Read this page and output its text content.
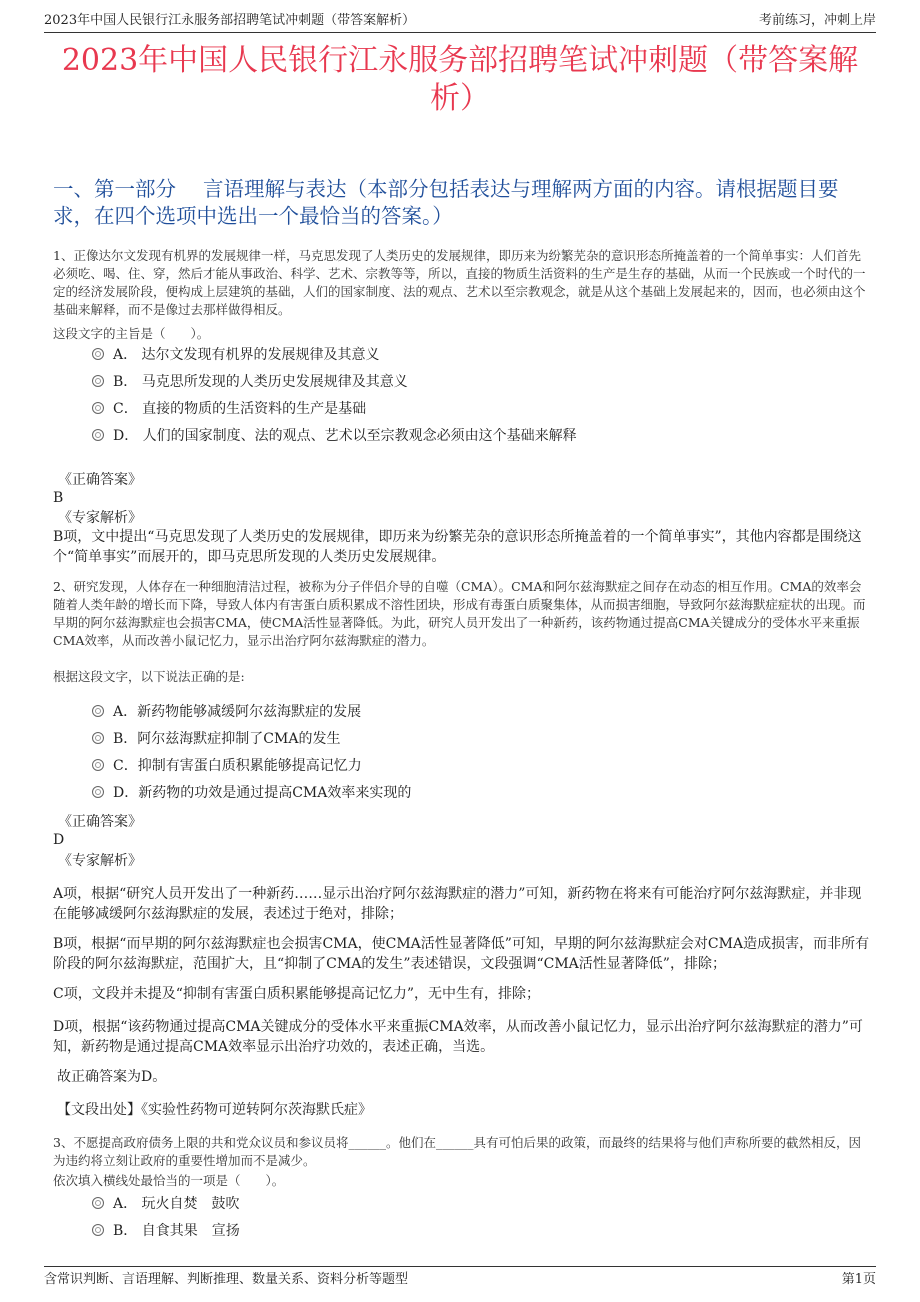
2023年中国人民银行江永服务部招聘笔试冲刺题（带答案解析）	考前练习，冲刺上岸
2023年中国人民银行江永服务部招聘笔试冲刺题（带答案解析）
一、第一部分　 言语理解与表达（本部分包括表达与理解两方面的内容。请根据题目要求，在四个选项中选出一个最恰当的答案。）
1、正像达尔文发现有机界的发展规律一样，马克思发现了人类历史的发展规律，即历来为纷繁芜杂的意识形态所掩盖着的一个简单事实：人们首先必须吃、喝、住、穿，然后才能从事政治、科学、艺术、宗教等等，所以，直接的物质生活资料的生产是生存的基础，从而一个民族或一个时代的一定的经济发展阶段，便构成上层建筑的基础，人们的国家制度、法的观点、艺术以至宗教观念，就是从这个基础上发展起来的，因而，也必须由这个基础来解释，而不是像过去那样做得相反。
这段文字的主旨是（　　）。
A． 达尔文发现有机界的发展规律及其意义
B． 马克思所发现的人类历史发展规律及其意义
C． 直接的物质的生活资料的生产是基础
D． 人们的国家制度、法的观点、艺术以至宗教观念必须由这个基础来解释
《正确答案》
B
《专家解析》
B项，文中提出“马克思发现了人类历史的发展规律，即历来为纷繁芜杂的意识形态所掩盖着的一个简单事实”，其他内容都是围绕这个“简单事实”而展开的，即马克思所发现的人类历史发展规律。
2、研究发现，人体存在一种细胞清洁过程，被称为分子伴侣介导的自噬（CMA）。CMA和阿尔兹海默症之间存在动态的相互作用。CMA的效率会随着人类年龄的增长而下降，导致人体内有害蛋白质积累成不溶性团块，形成有毒蛋白质聚集体，从而损害细胞，导致阿尔兹海默症症状的出现。而早期的阿尔兹海默症也会损害CMA，使CMA活性显著降低。为此，研究人员开发出了一种新药，该药物通过提高CMA关键成分的受体水平来重振CMA效率，从而改善小鼠记忆力，显示出治疗阿尔兹海默症的潜力。
根据这段文字，以下说法正确的是:
A．新药物能够减缓阿尔兹海默症的发展
B．阿尔兹海默症抑制了CMA的发生
C．抑制有害蛋白质积累能够提高记忆力
D．新药物的功效是通过提高CMA效率来实现的
《正确答案》
D
《专家解析》
A项，根据“研究人员开发出了一种新药……显示出治疗阿尔兹海默症的潜力”可知，新药物在将来有可能治疗阿尔兹海默症，并非现在能够减缓阿尔兹海默症的发展，表述过于绝对，排除；
B项，根据“而早期的阿尔兹海默症也会损害CMA，使CMA活性显著降低”可知，早期的阿尔兹海默症会对CMA造成损害，而非所有阶段的阿尔兹海默症，范围扩大，且“抑制了CMA的发生”表述错误，文段强调“CMA活性显著降低”，排除；
C项，文段并未提及“抑制有害蛋白质积累能够提高记忆力”，无中生有，排除；
D项，根据“该药物通过提高CMA关键成分的受体水平来重振CMA效率，从而改善小鼠记忆力，显示出治疗阿尔兹海默症的潜力”可知，新药物是通过提高CMA效率显示出治疗功效的，表述正确，当选。
故正确答案为D。
【文段出处】《实验性药物可逆转阿尔茨海默氏症》
3、不愿提高政府债务上限的共和党众议员和参议员将______。他们在______具有可怕后果的政策，而最终的结果将与他们声称所要的截然相反，因为违约将立刻让政府的重要性增加而不是减少。
依次填入横线处最恰当的一项是（　　）。
A． 玩火自焚　鼓吹
B． 自食其果　宣扬
含常识判断、言语理解、判断推理、数量关系、资料分析等题型	第1页
